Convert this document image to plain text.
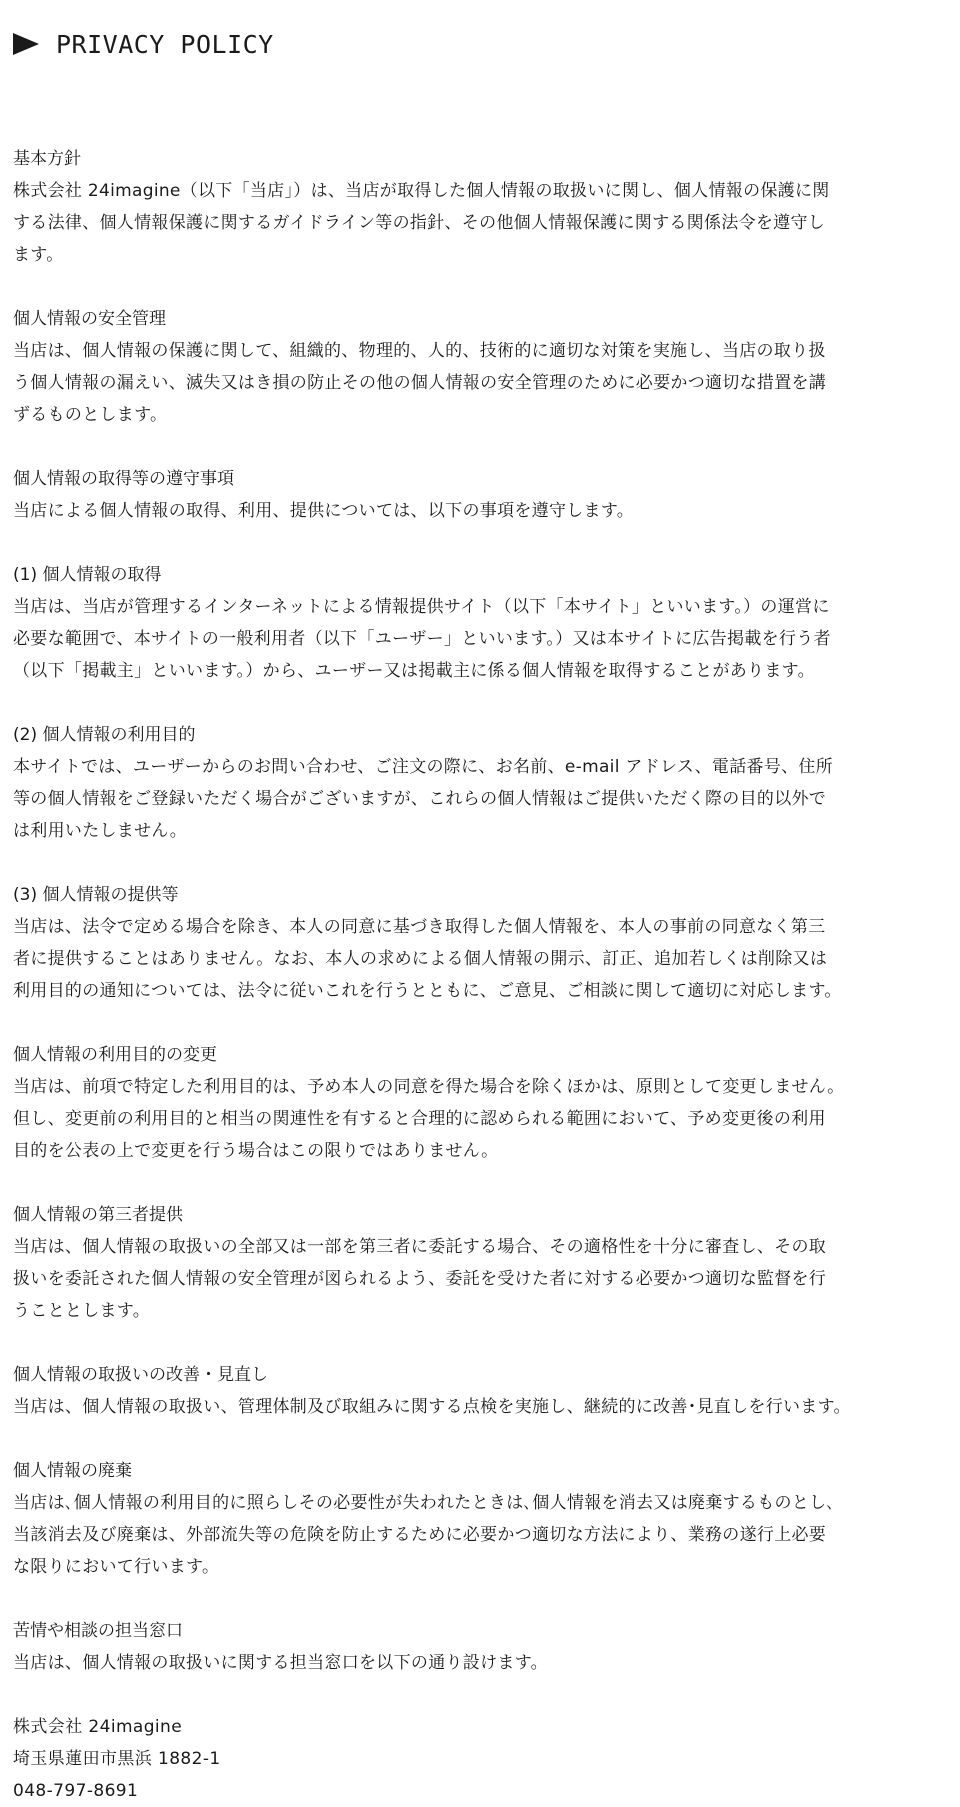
PRIVACY POLICY
基本方針
株式会社 24imagine（以下「当店」）は、当店が取得した個人情報の取扱いに関し、個人情報の保護に関
する法律、個人情報保護に関するガイドライン等の指針、その他個人情報保護に関する関係法令を遵守し
ます。
個人情報の安全管理
当店は、個人情報の保護に関して、組織的、物理的、人的、技術的に適切な対策を実施し、当店の取り扱
う個人情報の漏えい、滅失又はき損の防止その他の個人情報の安全管理のために必要かつ適切な措置を講
ずるものとします。
個人情報の取得等の遵守事項
当店による個人情報の取得、利用、提供については、以下の事項を遵守します。
(1) 個人情報の取得
当店は、当店が管理するインターネットによる情報提供サイト（以下「本サイト」といいます。）の運営に
必要な範囲で、本サイトの一般利用者（以下「ユーザー」といいます。）又は本サイトに広告掲載を行う者
（以下「掲載主」といいます。）から、ユーザー又は掲載主に係る個人情報を取得することがあります。
(2) 個人情報の利用目的
本サイトでは、ユーザーからのお問い合わせ、ご注文の際に、お名前、e-mail アドレス、電話番号、住所
等の個人情報をご登録いただく場合がございますが、これらの個人情報はご提供いただく際の目的以外で
は利用いたしません。
(3) 個人情報の提供等
当店は、法令で定める場合を除き、本人の同意に基づき取得した個人情報を、本人の事前の同意なく第三
者に提供することはありません。なお、本人の求めによる個人情報の開示、訂正、追加若しくは削除又は
利用目的の通知については、法令に従いこれを行うとともに、ご意見、ご相談に関して適切に対応します。
個人情報の利用目的の変更
当店は、前項で特定した利用目的は、予め本人の同意を得た場合を除くほかは、原則として変更しません。
但し、変更前の利用目的と相当の関連性を有すると合理的に認められる範囲において、予め変更後の利用
目的を公表の上で変更を行う場合はこの限りではありません。
個人情報の第三者提供
当店は、個人情報の取扱いの全部又は一部を第三者に委託する場合、その適格性を十分に審査し、その取
扱いを委託された個人情報の安全管理が図られるよう、委託を受けた者に対する必要かつ適切な監督を行
うこととします。
個人情報の取扱いの改善・見直し
当店は、個人情報の取扱い、管理体制及び取組みに関する点検を実施し、継続的に改善･見直しを行います。
個人情報の廃棄
当店は､個人情報の利用目的に照らしその必要性が失われたときは､個人情報を消去又は廃棄するものとし､
当該消去及び廃棄は、外部流失等の危険を防止するために必要かつ適切な方法により、業務の遂行上必要
な限りにおいて行います。
苦情や相談の担当窓口
当店は、個人情報の取扱いに関する担当窓口を以下の通り設けます。
株式会社 24imagine
埼玉県蓮田市黒浜 1882-1
048-797-8691
